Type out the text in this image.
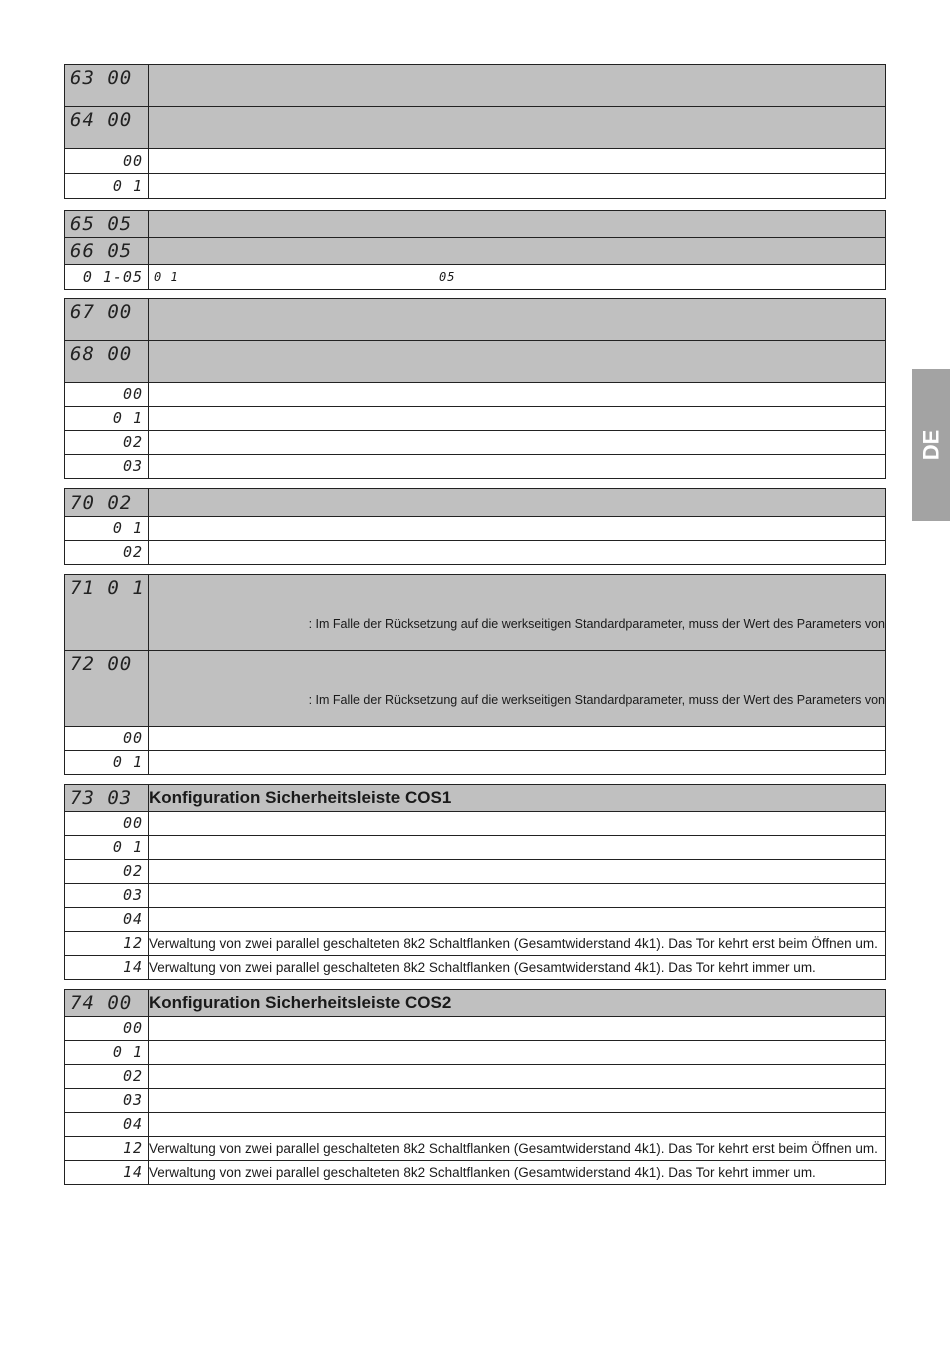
63 00	
64 00	
00	
0 1	
65 05	
66 05	
0 1-05	0 1 05
67 00	
68 00	
00	
0 1	
02	
03	
70 02	
0 1	
02	
71 0 1	: Im Falle der Rücksetzung auf die werkseitigen Standardparameter, muss der Wert des Parameters von
72 00	: Im Falle der Rücksetzung auf die werkseitigen Standardparameter, muss der Wert des Parameters von
00	
0 1	
73 03	Konfiguration Sicherheitsleiste COS1
00	
0 1	
02	
03	
04	
12	Verwaltung von zwei parallel geschalteten 8k2 Schaltflanken (Gesamtwiderstand 4k1). Das Tor kehrt erst beim Öffnen um.
14	Verwaltung von zwei parallel geschalteten 8k2 Schaltflanken (Gesamtwiderstand 4k1). Das Tor kehrt immer um.
74 00	Konfiguration Sicherheitsleiste COS2
00	
0 1	
02	
03	
04	
12	Verwaltung von zwei parallel geschalteten 8k2 Schaltflanken (Gesamtwiderstand 4k1). Das Tor kehrt erst beim Öffnen um.
14	Verwaltung von zwei parallel geschalteten 8k2 Schaltflanken (Gesamtwiderstand 4k1). Das Tor kehrt immer um.
DE
